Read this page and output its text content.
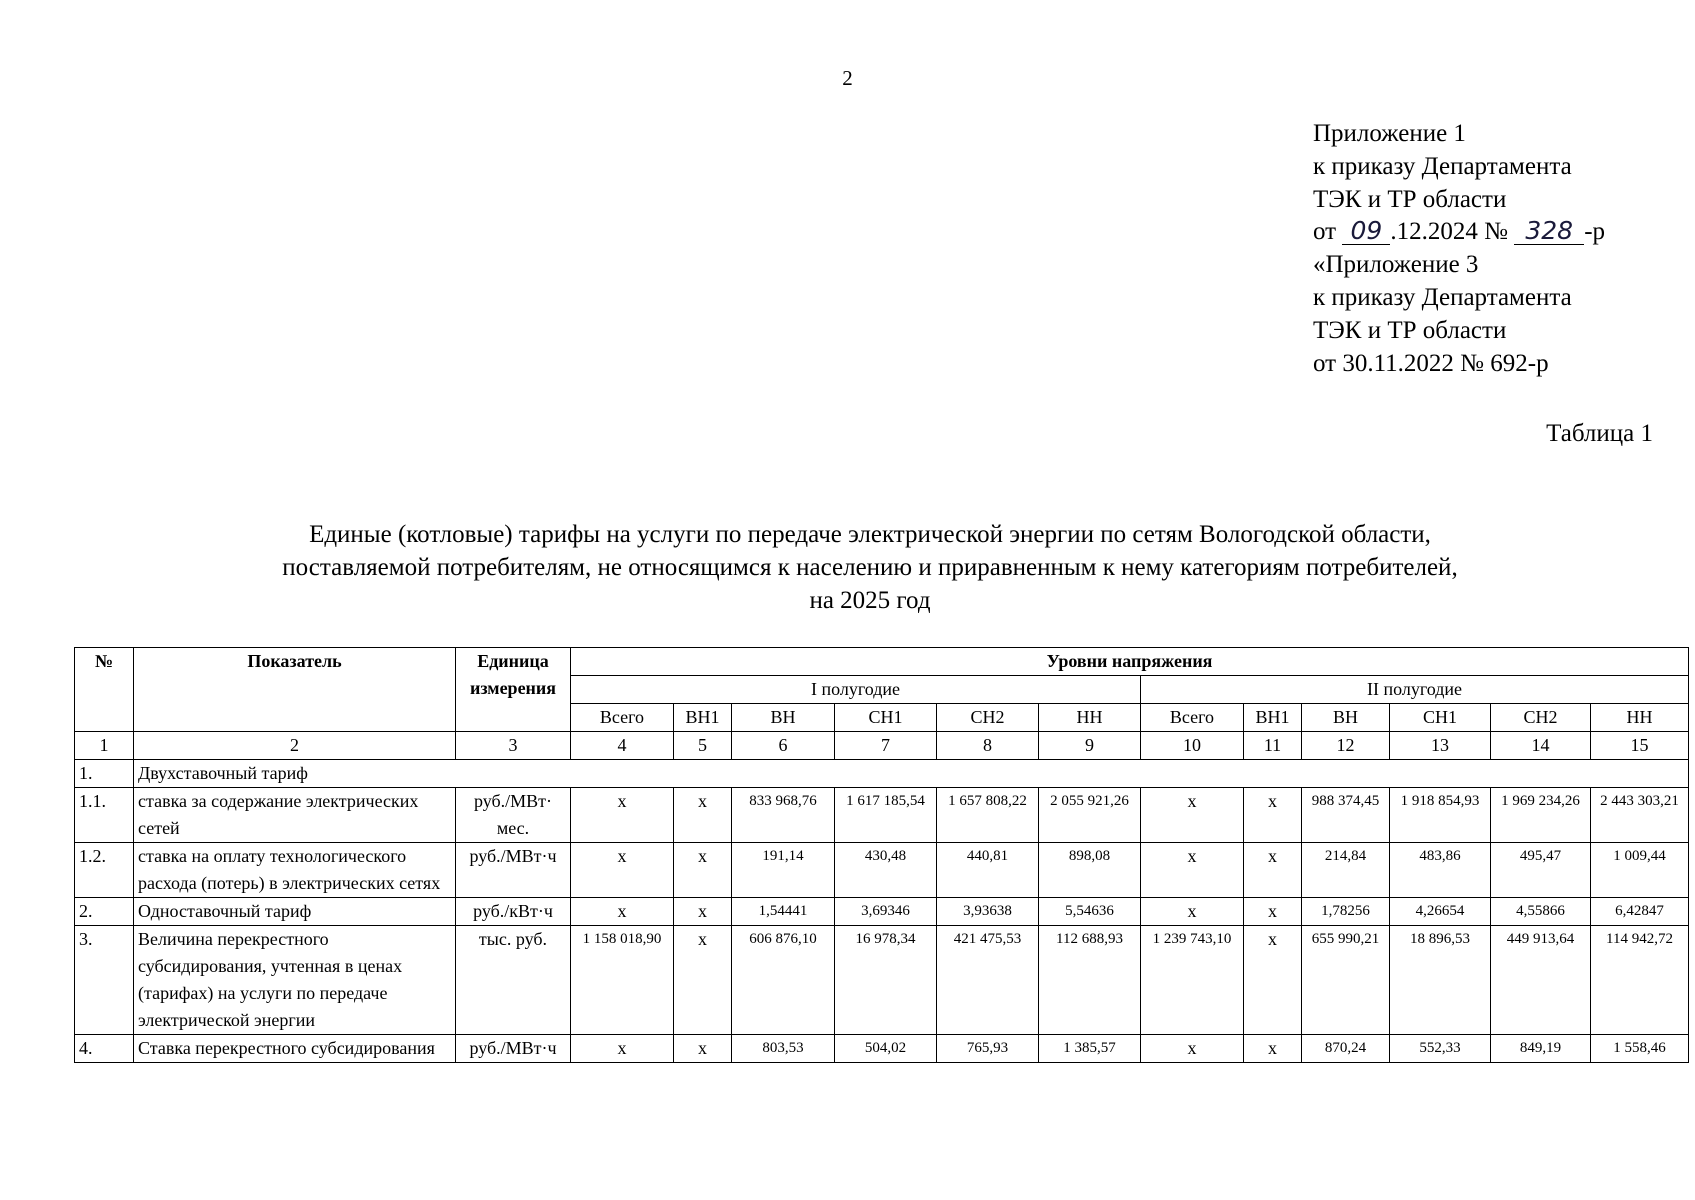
2
Приложение 1
к приказу Департамента
ТЭК и ТР области
от 09 .12.2024 № 328 -р
«Приложение 3
к приказу Департамента
ТЭК и ТР области
от 30.11.2022 № 692-р
Таблица 1
Единые (котловые) тарифы на услуги по передаче электрической энергии по сетям Вологодской области,
поставляемой потребителям, не относящимся к населению и приравненным к нему категориям потребителей,
на 2025 год
№	Показатель	Единица измерения	Уровни напряжения											
			I полугодие						II полугодие					
			Всего	ВН1	ВН	СН1	СН2	НН	Всего	ВН1	ВН	СН1	СН2	НН
1	2	3	4	5	6	7	8	9	10	11	12	13	14	15
1.	Двухставочный тариф													
1.1.	ставка за содержание электрических сетей	руб./МВт· мес.	x	x	833 968,76	1 617 185,54	1 657 808,22	2 055 921,26	x	x	988 374,45	1 918 854,93	1 969 234,26	2 443 303,21
1.2.	ставка на оплату технологического расхода (потерь) в электрических сетях	руб./МВт·ч	x	x	191,14	430,48	440,81	898,08	x	x	214,84	483,86	495,47	1 009,44
2.	Одноставочный тариф	руб./кВт·ч	x	x	1,54441	3,69346	3,93638	5,54636	x	x	1,78256	4,26654	4,55866	6,42847
3.	Величина перекрестного субсидирования, учтенная в ценах (тарифах) на услуги по передаче электрической энергии	тыс. руб.	1 158 018,90	x	606 876,10	16 978,34	421 475,53	112 688,93	1 239 743,10	x	655 990,21	18 896,53	449 913,64	114 942,72
4.	Ставка перекрестного субсидирования	руб./МВт·ч	x	x	803,53	504,02	765,93	1 385,57	x	x	870,24	552,33	849,19	1 558,46
